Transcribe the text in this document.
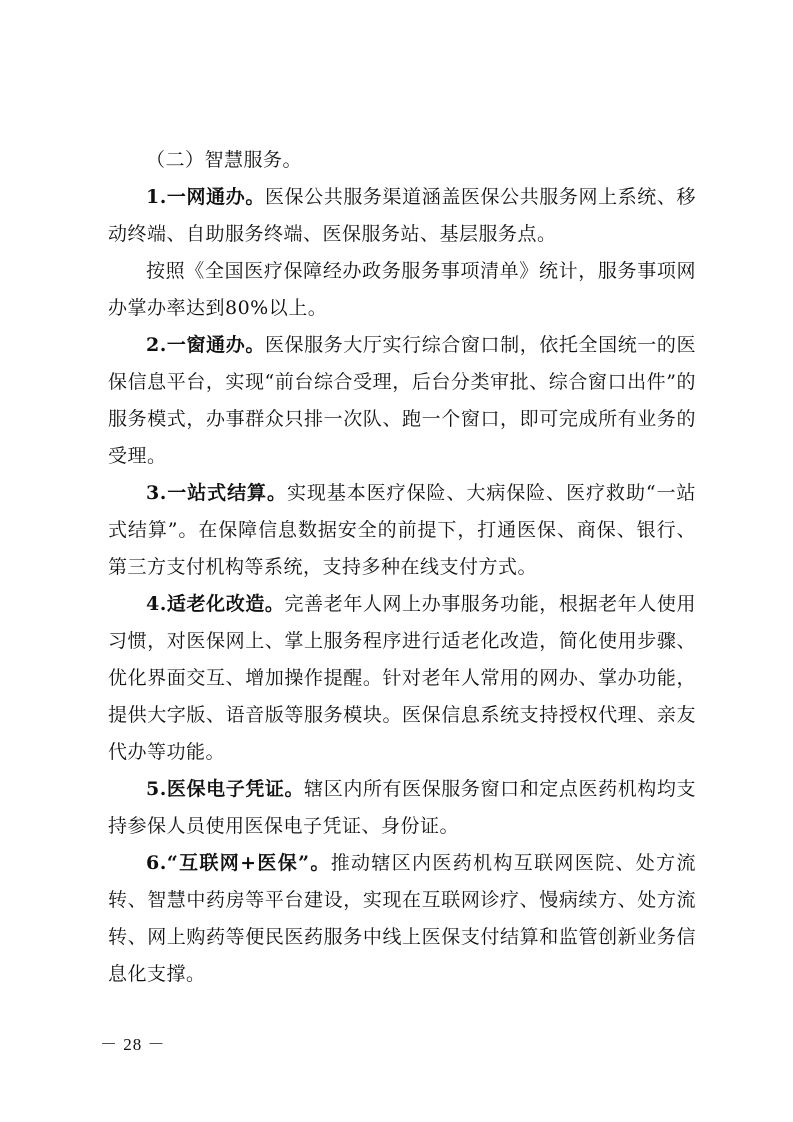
（二）智慧服务。

1.一网通办。医保公共服务渠道涵盖医保公共服务网上系统、移动终端、自助服务终端、医保服务站、基层服务点。

按照《全国医疗保障经办政务服务事项清单》统计，服务事项网办掌办率达到80%以上。

2.一窗通办。医保服务大厅实行综合窗口制，依托全国统一的医保信息平台，实现“前台综合受理，后台分类审批、综合窗口出件”的服务模式，办事群众只排一次队、跑一个窗口，即可完成所有业务的受理。

3.一站式结算。实现基本医疗保险、大病保险、医疗救助“一站式结算”。在保障信息数据安全的前提下，打通医保、商保、银行、第三方支付机构等系统，支持多种在线支付方式。

4.适老化改造。完善老年人网上办事服务功能，根据老年人使用习惯，对医保网上、掌上服务程序进行适老化改造，简化使用步骤、优化界面交互、增加操作提醒。针对老年人常用的网办、掌办功能，提供大字版、语音版等服务模块。医保信息系统支持授权代理、亲友代办等功能。

5.医保电子凭证。辖区内所有医保服务窗口和定点医药机构均支持参保人员使用医保电子凭证、身份证。

6.“互联网+医保”。推动辖区内医药机构互联网医院、处方流转、智慧中药房等平台建设，实现在互联网诊疗、慢病续方、处方流转、网上购药等便民医药服务中线上医保支付结算和监管创新业务信息化支撑。

－ 28 －
